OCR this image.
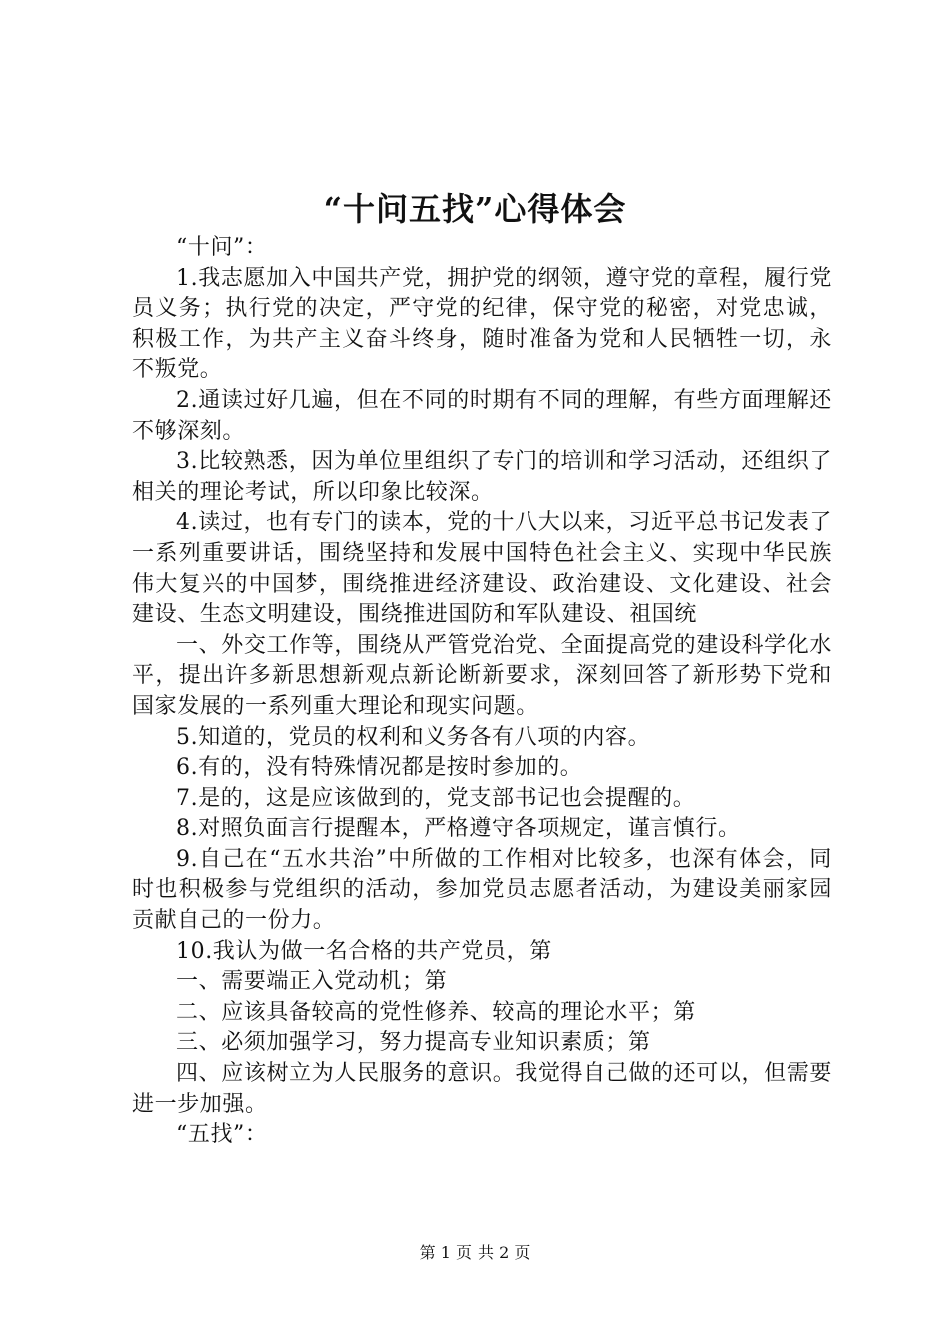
“十问五找”心得体会

“十问”：

1.我志愿加入中国共产党，拥护党的纲领，遵守党的章程，履行党员义务；执行党的决定，严守党的纪律，保守党的秘密，对党忠诚，积极工作，为共产主义奋斗终身，随时准备为党和人民牺牲一切，永不叛党。

2.通读过好几遍，但在不同的时期有不同的理解，有些方面理解还不够深刻。

3.比较熟悉，因为单位里组织了专门的培训和学习活动，还组织了相关的理论考试，所以印象比较深。

4.读过，也有专门的读本，党的十八大以来，习近平总书记发表了一系列重要讲话，围绕坚持和发展中国特色社会主义、实现中华民族伟大复兴的中国梦，围绕推进经济建设、政治建设、文化建设、社会建设、生态文明建设，围绕推进国防和军队建设、祖国统

一、外交工作等，围绕从严管党治党、全面提高党的建设科学化水平，提出许多新思想新观点新论断新要求，深刻回答了新形势下党和国家发展的一系列重大理论和现实问题。

5.知道的，党员的权利和义务各有八项的内容。

6.有的，没有特殊情况都是按时参加的。

7.是的，这是应该做到的，党支部书记也会提醒的。

8.对照负面言行提醒本，严格遵守各项规定，谨言慎行。

9.自己在“五水共治”中所做的工作相对比较多，也深有体会，同时也积极参与党组织的活动，参加党员志愿者活动，为建设美丽家园贡献自己的一份力。

10.我认为做一名合格的共产党员，第

一、需要端正入党动机；第

二、应该具备较高的党性修养、较高的理论水平；第

三、必须加强学习，努力提高专业知识素质；第

四、应该树立为人民服务的意识。我觉得自己做的还可以，但需要进一步加强。

“五找”：

第 1 页 共 2 页
